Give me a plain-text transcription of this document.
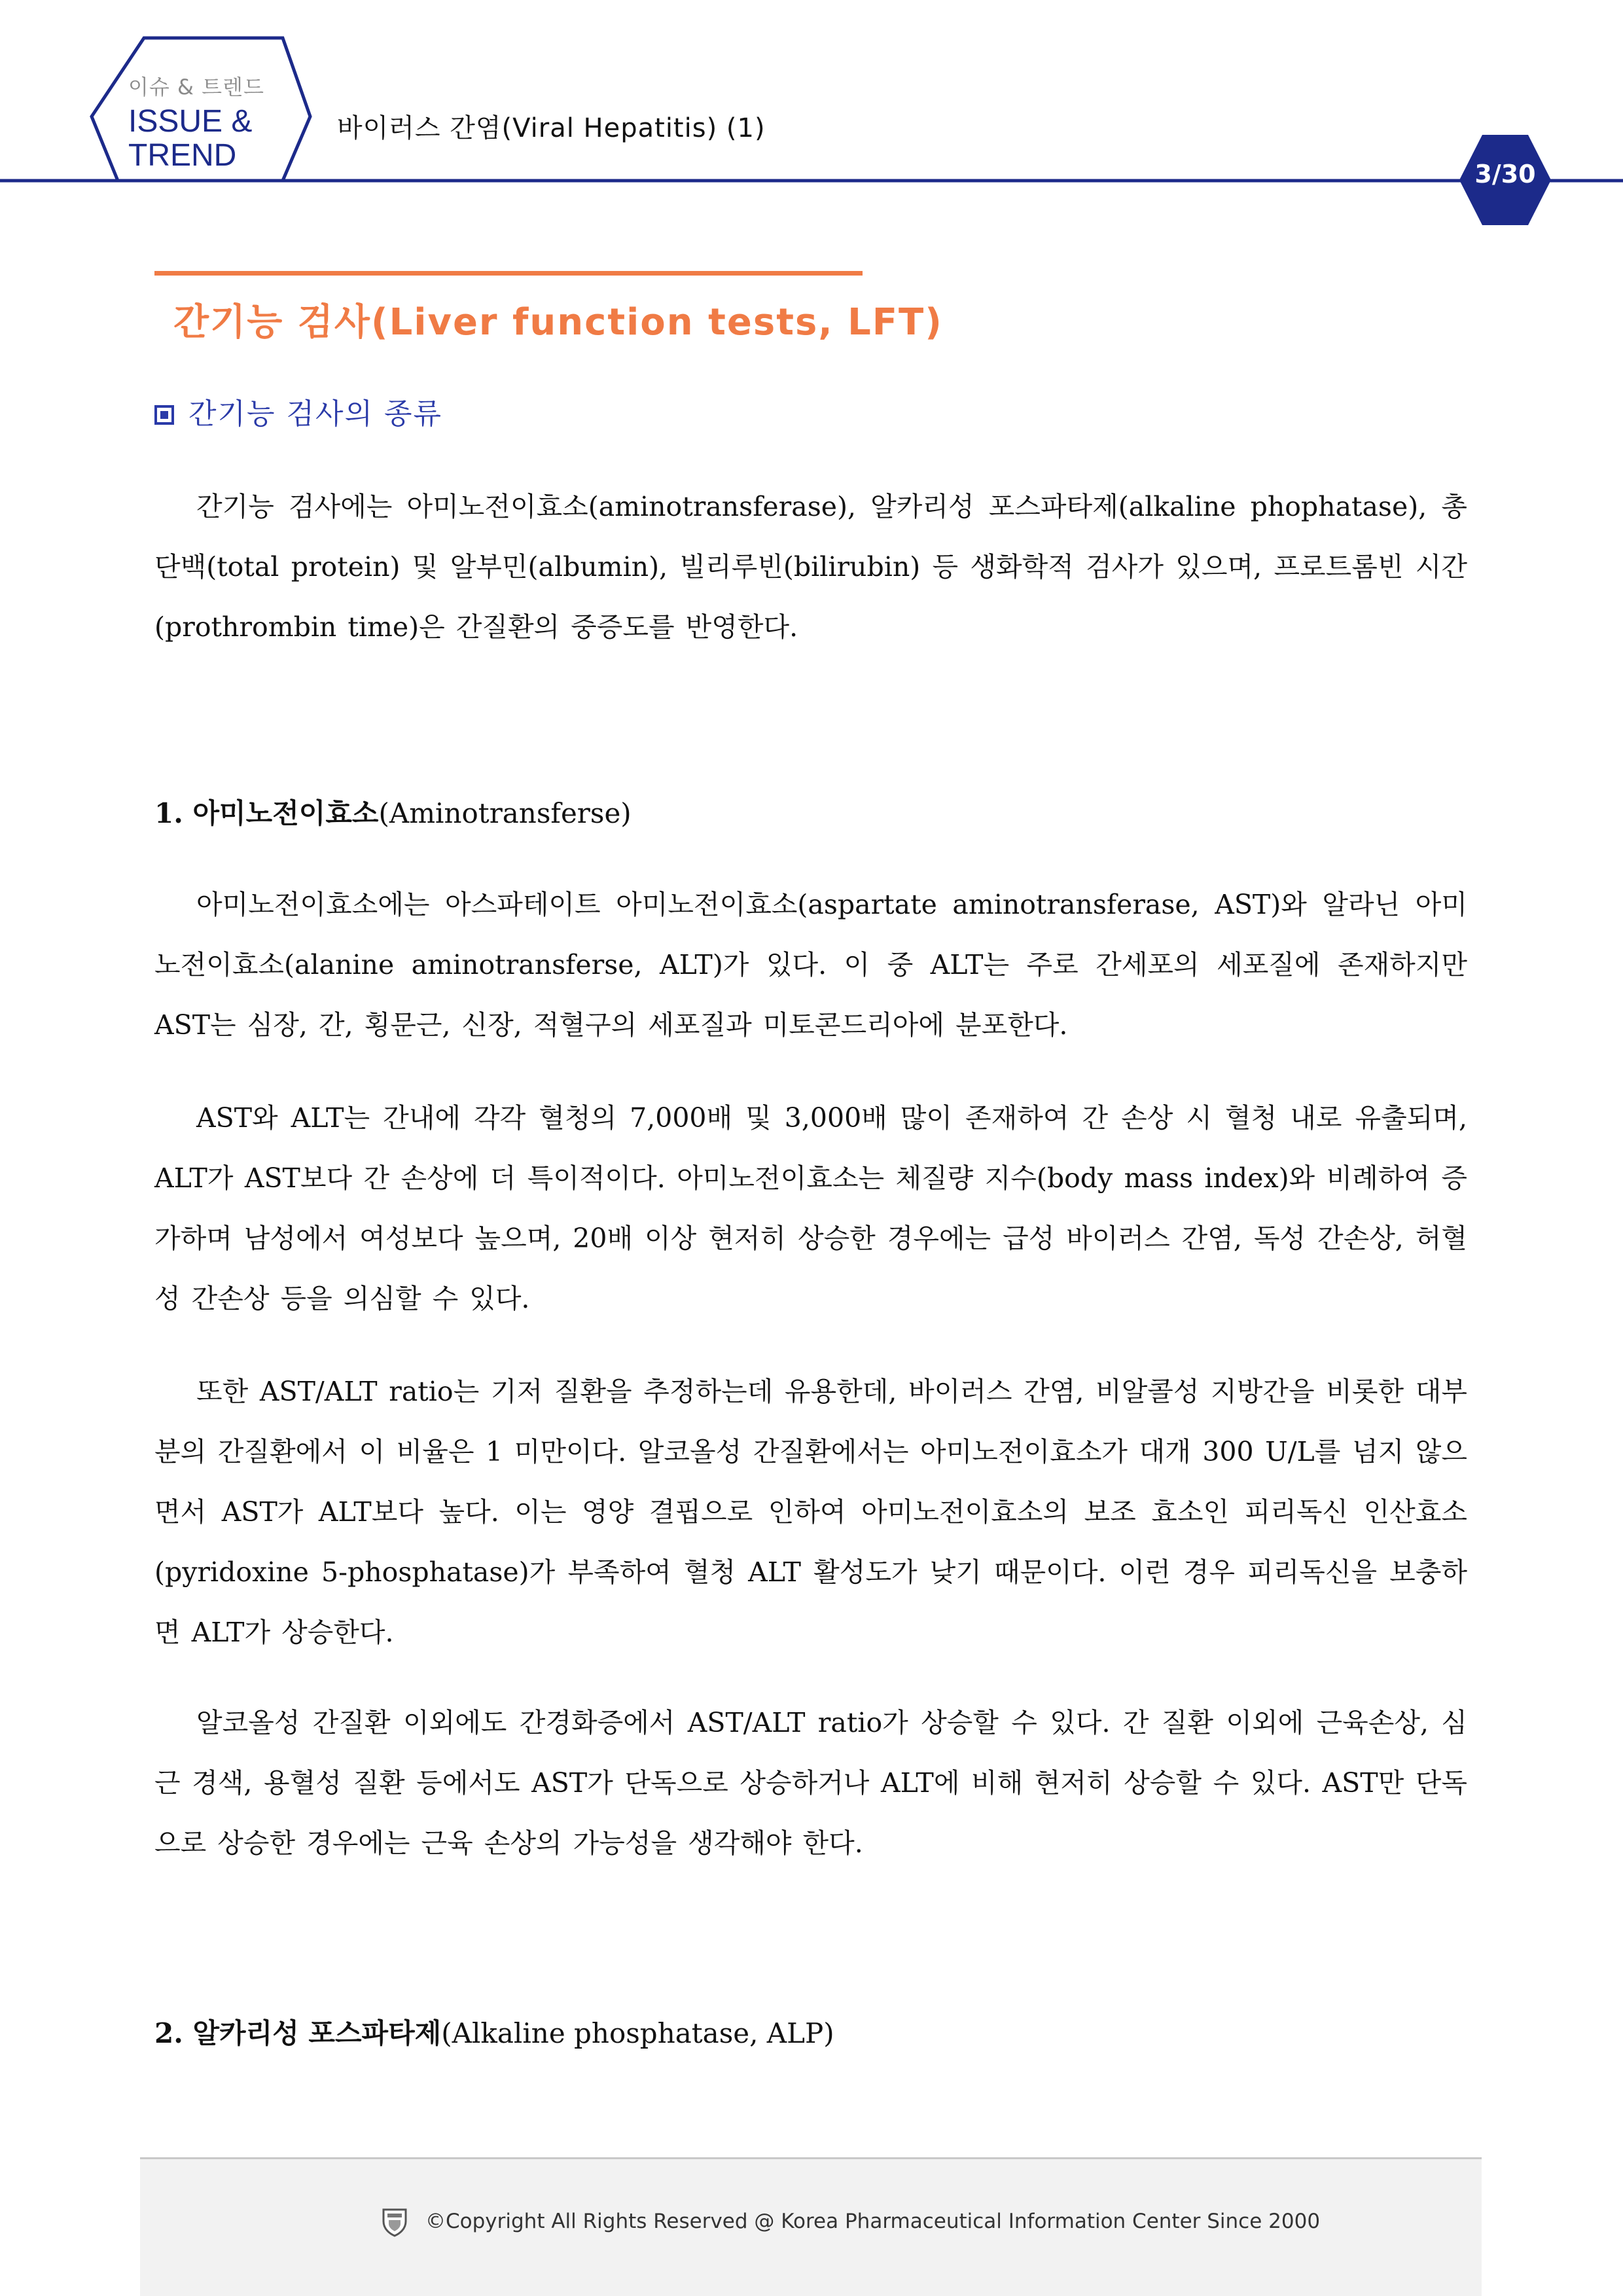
이슈 & 트렌드
ISSUE &
TREND
바이러스 간염(Viral Hepatitis) (1)
3/30
간기능 검사(Liver function tests, LFT)
간기능 검사의 종류

간기능 검사에는 아미노전이효소(aminotransferase), 알카리성 포스파타제(alkaline phophatase), 총단백(total protein) 및 알부민(albumin), 빌리루빈(bilirubin) 등 생화학적 검사가 있으며, 프로트롬빈 시간(prothrombin time)은 간질환의 중증도를 반영한다.

1. 아미노전이효소(Aminotransferse)

아미노전이효소에는 아스파테이트 아미노전이효소(aspartate aminotransferase, AST)와 알라닌 아미노전이효소(alanine aminotransferse, ALT)가 있다. 이 중 ALT는 주로 간세포의 세포질에 존재하지만 AST는 심장, 간, 횡문근, 신장, 적혈구의 세포질과 미토콘드리아에 분포한다.

AST와 ALT는 간내에 각각 혈청의 7,000배 및 3,000배 많이 존재하여 간 손상 시 혈청 내로 유출되며, ALT가 AST보다 간 손상에 더 특이적이다. 아미노전이효소는 체질량 지수(body mass index)와 비례하여 증가하며 남성에서 여성보다 높으며, 20배 이상 현저히 상승한 경우에는 급성 바이러스 간염, 독성 간손상, 허혈성 간손상 등을 의심할 수 있다.

또한 AST/ALT ratio는 기저 질환을 추정하는데 유용한데, 바이러스 간염, 비알콜성 지방간을 비롯한 대부분의 간질환에서 이 비율은 1 미만이다. 알코올성 간질환에서는 아미노전이효소가 대개 300 U/L를 넘지 않으면서 AST가 ALT보다 높다. 이는 영양 결핍으로 인하여 아미노전이효소의 보조 효소인 피리독신 인산효소(pyridoxine 5-phosphatase)가 부족하여 혈청 ALT 활성도가 낮기 때문이다. 이런 경우 피리독신을 보충하면 ALT가 상승한다.

알코올성 간질환 이외에도 간경화증에서 AST/ALT ratio가 상승할 수 있다. 간 질환 이외에 근육손상, 심근 경색, 용혈성 질환 등에서도 AST가 단독으로 상승하거나 ALT에 비해 현저히 상승할 수 있다. AST만 단독으로 상승한 경우에는 근육 손상의 가능성을 생각해야 한다.

2. 알카리성 포스파타제(Alkaline phosphatase, ALP)
©Copyright All Rights Reserved @ Korea Pharmaceutical Information Center Since 2000
